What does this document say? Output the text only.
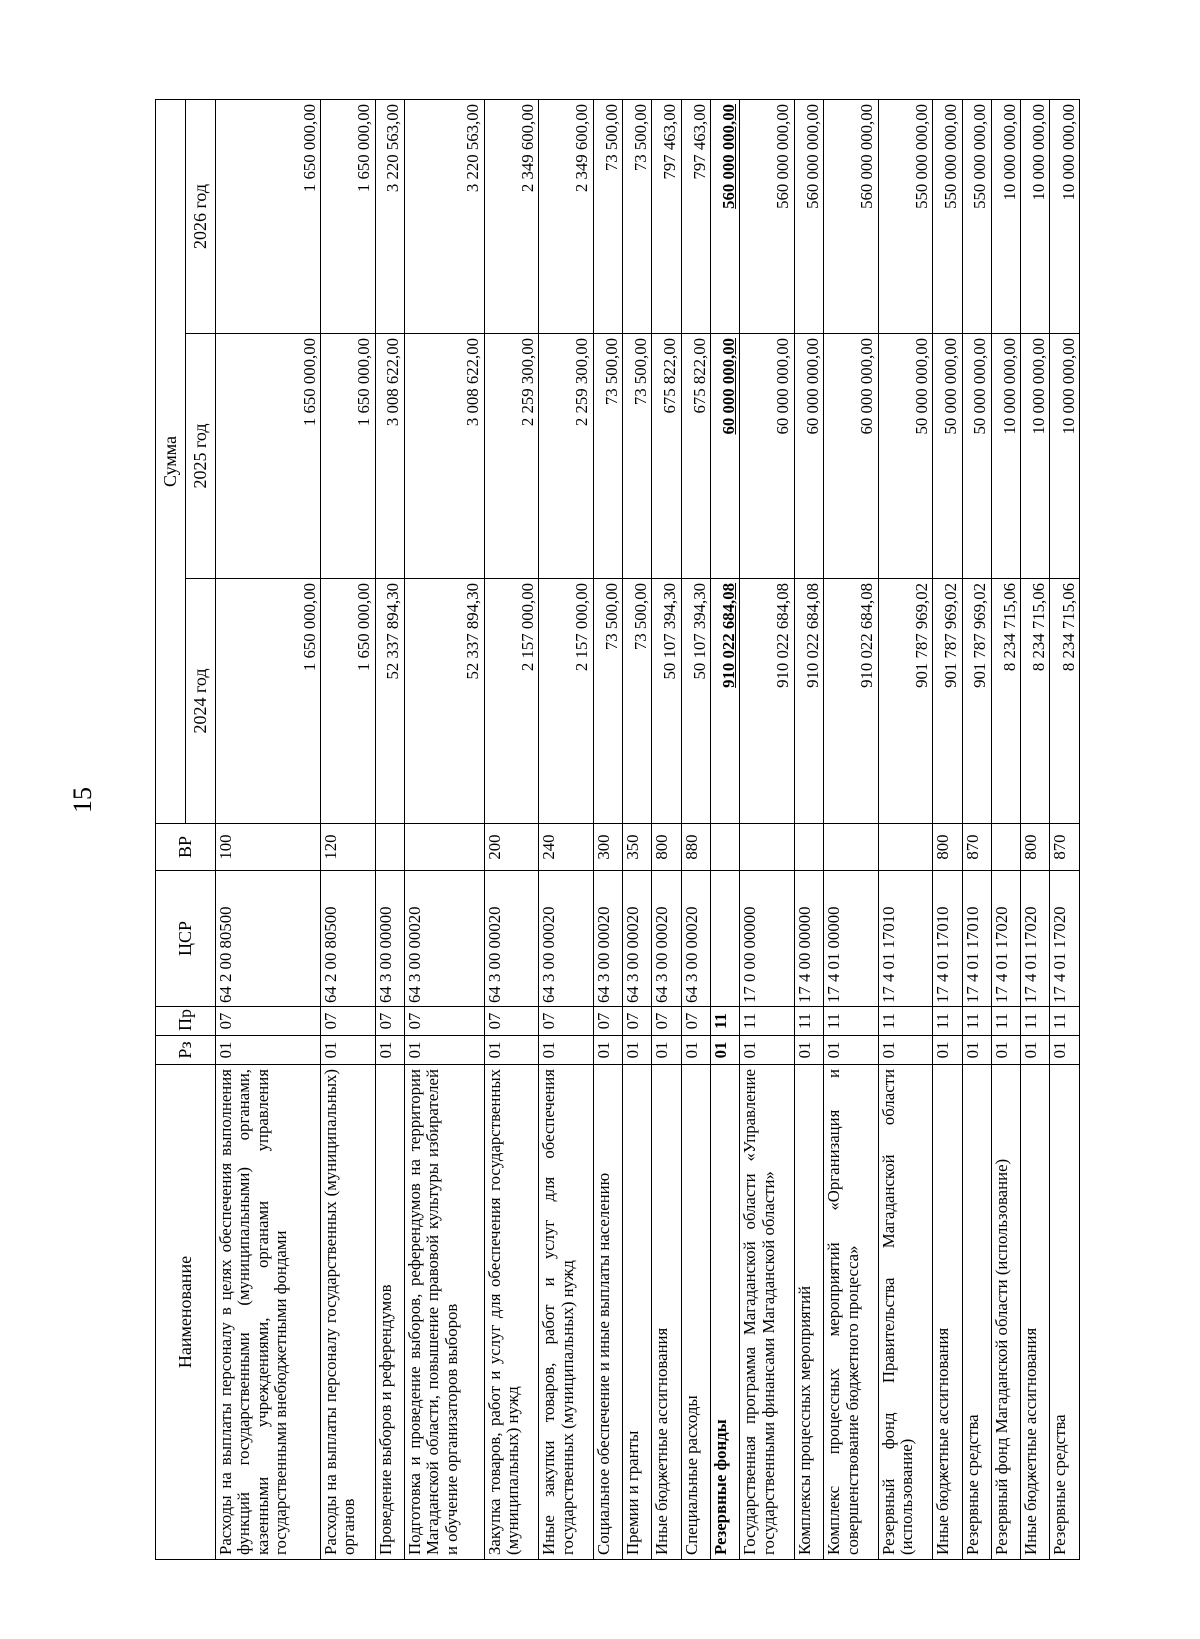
15
Наименование	Рз	Пр	ЦСР	ВР	Сумма		
					2024 год	2025 год	2026 год
Расходы на выплаты персоналу в целях обеспечения выполнения функций государственными (муниципальными) органами, казенными учреждениями, органами управления государственными внебюджетными фондами	01	07	64 2 00 80500	100	1 650 000,00	1 650 000,00	1 650 000,00
Расходы на выплаты персоналу государственных (муниципальных) органов	01	07	64 2 00 80500	120	1 650 000,00	1 650 000,00	1 650 000,00
Проведение выборов и референдумов	01	07	64 3 00 00000		52 337 894,30	3 008 622,00	3 220 563,00
Подготовка и проведение выборов, референдумов на территории Магаданской области, повышение правовой культуры избирателей и обучение организаторов выборов	01	07	64 3 00 00020		52 337 894,30	3 008 622,00	3 220 563,00
Закупка товаров, работ и услуг для обеспечения государственных (муниципальных) нужд	01	07	64 3 00 00020	200	2 157 000,00	2 259 300,00	2 349 600,00
Иные закупки товаров, работ и услуг для обеспечения государственных (муниципальных) нужд	01	07	64 3 00 00020	240	2 157 000,00	2 259 300,00	2 349 600,00
Социальное обеспечение и иные выплаты населению	01	07	64 3 00 00020	300	73 500,00	73 500,00	73 500,00
Премии и гранты	01	07	64 3 00 00020	350	73 500,00	73 500,00	73 500,00
Иные бюджетные ассигнования	01	07	64 3 00 00020	800	50 107 394,30	675 822,00	797 463,00
Специальные расходы	01	07	64 3 00 00020	880	50 107 394,30	675 822,00	797 463,00
Резервные фонды	01	11			910 022 684,08	60 000 000,00	560 000 000,00
Государственная программа Магаданской области «Управление государственными финансами Магаданской области»	01	11	17 0 00 00000		910 022 684,08	60 000 000,00	560 000 000,00
Комплексы процессных мероприятий	01	11	17 4 00 00000		910 022 684,08	60 000 000,00	560 000 000,00
Комплекс процессных мероприятий «Организация и совершенствование бюджетного процесса»	01	11	17 4 01 00000		910 022 684,08	60 000 000,00	560 000 000,00
Резервный фонд Правительства Магаданской области (использование)	01	11	17 4 01 17010		901 787 969,02	50 000 000,00	550 000 000,00
Иные бюджетные ассигнования	01	11	17 4 01 17010	800	901 787 969,02	50 000 000,00	550 000 000,00
Резервные средства	01	11	17 4 01 17010	870	901 787 969,02	50 000 000,00	550 000 000,00
Резервный фонд Магаданской области (использование)	01	11	17 4 01 17020		8 234 715,06	10 000 000,00	10 000 000,00
Иные бюджетные ассигнования	01	11	17 4 01 17020	800	8 234 715,06	10 000 000,00	10 000 000,00
Резервные средства	01	11	17 4 01 17020	870	8 234 715,06	10 000 000,00	10 000 000,00
